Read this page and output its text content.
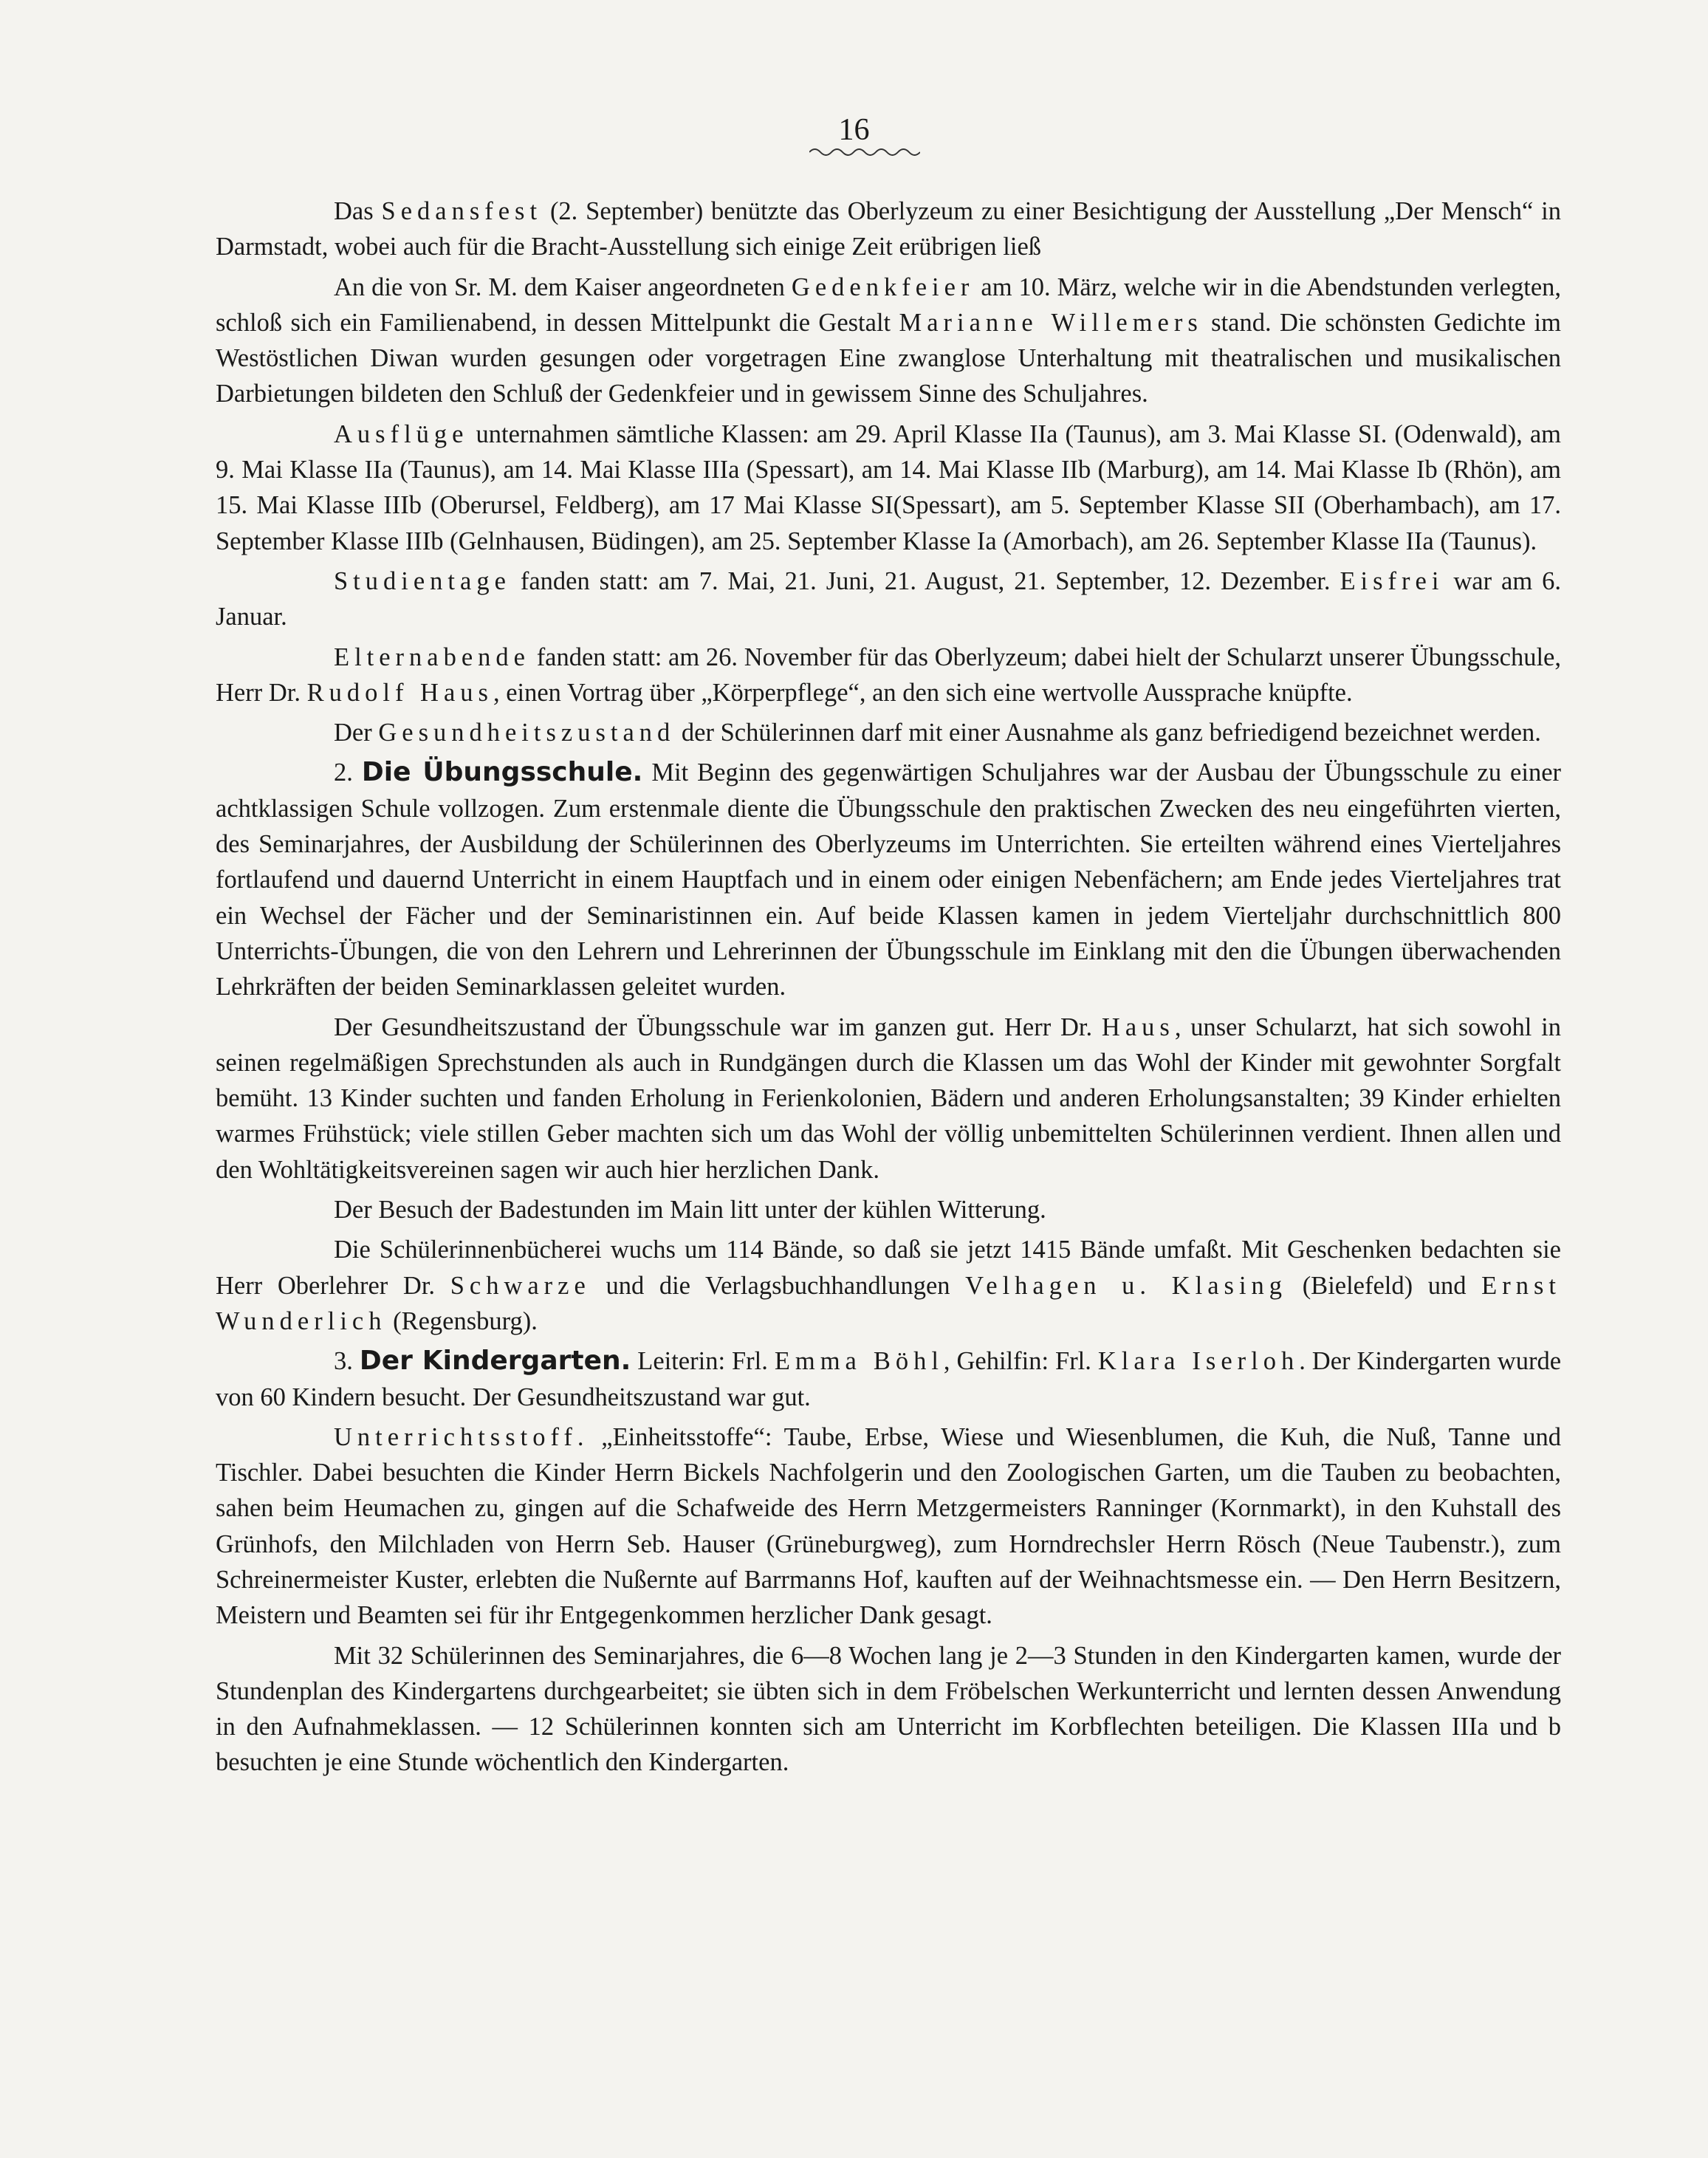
16

Das Sedansfest (2. September) benützte das Oberlyzeum zu einer Besichtigung der Ausstellung „Der Mensch“ in Darmstadt, wobei auch für die Bracht-Ausstellung sich einige Zeit erübrigen ließ

An die von Sr. M. dem Kaiser angeordneten Gedenkfeier am 10. März, welche wir in die Abendstunden verlegten, schloß sich ein Familienabend, in dessen Mittelpunkt die Gestalt Marianne Willemers stand. Die schönsten Gedichte im Westöstlichen Diwan wurden gesungen oder vorgetragen Eine zwanglose Unterhaltung mit theatralischen und musikalischen Darbietungen bildeten den Schluß der Gedenkfeier und in gewissem Sinne des Schuljahres.

Ausflüge unternahmen sämtliche Klassen: am 29. April Klasse IIa (Taunus), am 3. Mai Klasse SI. (Odenwald), am 9. Mai Klasse IIa (Taunus), am 14. Mai Klasse IIIa (Spessart), am 14. Mai Klasse IIb (Marburg), am 14. Mai Klasse Ib (Rhön), am 15. Mai Klasse IIIb (Oberursel, Feldberg), am 17 Mai Klasse SI(Spessart), am 5. September Klasse SII (Oberhambach), am 17. September Klasse IIIb (Gelnhausen, Büdingen), am 25. September Klasse Ia (Amorbach), am 26. September Klasse IIa (Taunus).

Studientage fanden statt: am 7. Mai, 21. Juni, 21. August, 21. September, 12. Dezember. Eisfrei war am 6. Januar.

Elternabende fanden statt: am 26. November für das Oberlyzeum; dabei hielt der Schularzt unserer Übungsschule, Herr Dr. Rudolf Haus, einen Vortrag über „Körperpflege“, an den sich eine wertvolle Aussprache knüpfte.

Der Gesundheitszustand der Schülerinnen darf mit einer Ausnahme als ganz befriedigend bezeichnet werden.

2. Die Übungsschule. Mit Beginn des gegenwärtigen Schuljahres war der Ausbau der Übungsschule zu einer achtklassigen Schule vollzogen. Zum erstenmale diente die Übungsschule den praktischen Zwecken des neu eingeführten vierten, des Seminarjahres, der Ausbildung der Schülerinnen des Oberlyzeums im Unterrichten. Sie erteilten während eines Vierteljahres fortlaufend und dauernd Unterricht in einem Hauptfach und in einem oder einigen Nebenfächern; am Ende jedes Vierteljahres trat ein Wechsel der Fächer und der Seminaristinnen ein. Auf beide Klassen kamen in jedem Vierteljahr durchschnittlich 800 Unterrichts-Übungen, die von den Lehrern und Lehrerinnen der Übungsschule im Einklang mit den die Übungen überwachenden Lehrkräften der beiden Seminarklassen geleitet wurden.

Der Gesundheitszustand der Übungsschule war im ganzen gut. Herr Dr. Haus, unser Schularzt, hat sich sowohl in seinen regelmäßigen Sprechstunden als auch in Rundgängen durch die Klassen um das Wohl der Kinder mit gewohnter Sorgfalt bemüht. 13 Kinder suchten und fanden Erholung in Ferienkolonien, Bädern und anderen Erholungsanstalten; 39 Kinder erhielten warmes Frühstück; viele stillen Geber machten sich um das Wohl der völlig unbemittelten Schülerinnen verdient. Ihnen allen und den Wohltätigkeitsvereinen sagen wir auch hier herzlichen Dank.

Der Besuch der Badestunden im Main litt unter der kühlen Witterung.

Die Schülerinnenbücherei wuchs um 114 Bände, so daß sie jetzt 1415 Bände umfaßt. Mit Geschenken bedachten sie Herr Oberlehrer Dr. Schwarze und die Verlagsbuchhandlungen Velhagen u. Klasing (Bielefeld) und Ernst Wunderlich (Regensburg).

3. Der Kindergarten. Leiterin: Frl. Emma Böhl, Gehilfin: Frl. Klara Iserloh. Der Kindergarten wurde von 60 Kindern besucht. Der Gesundheitszustand war gut.

Unterrichtsstoff. „Einheitsstoffe“: Taube, Erbse, Wiese und Wiesenblumen, die Kuh, die Nuß, Tanne und Tischler. Dabei besuchten die Kinder Herrn Bickels Nachfolgerin und den Zoologischen Garten, um die Tauben zu beobachten, sahen beim Heumachen zu, gingen auf die Schafweide des Herrn Metzgermeisters Ranninger (Kornmarkt), in den Kuhstall des Grünhofs, den Milchladen von Herrn Seb. Hauser (Grüneburgweg), zum Horndrechsler Herrn Rösch (Neue Taubenstr.), zum Schreinermeister Kuster, erlebten die Nußernte auf Barrmanns Hof, kauften auf der Weihnachtsmesse ein. — Den Herrn Besitzern, Meistern und Beamten sei für ihr Entgegenkommen herzlicher Dank gesagt.

Mit 32 Schülerinnen des Seminarjahres, die 6—8 Wochen lang je 2—3 Stunden in den Kindergarten kamen, wurde der Stundenplan des Kindergartens durchgearbeitet; sie übten sich in dem Fröbelschen Werkunterricht und lernten dessen Anwendung in den Aufnahmeklassen. — 12 Schülerinnen konnten sich am Unterricht im Korbflechten beteiligen. Die Klassen IIIa und b besuchten je eine Stunde wöchentlich den Kindergarten.
